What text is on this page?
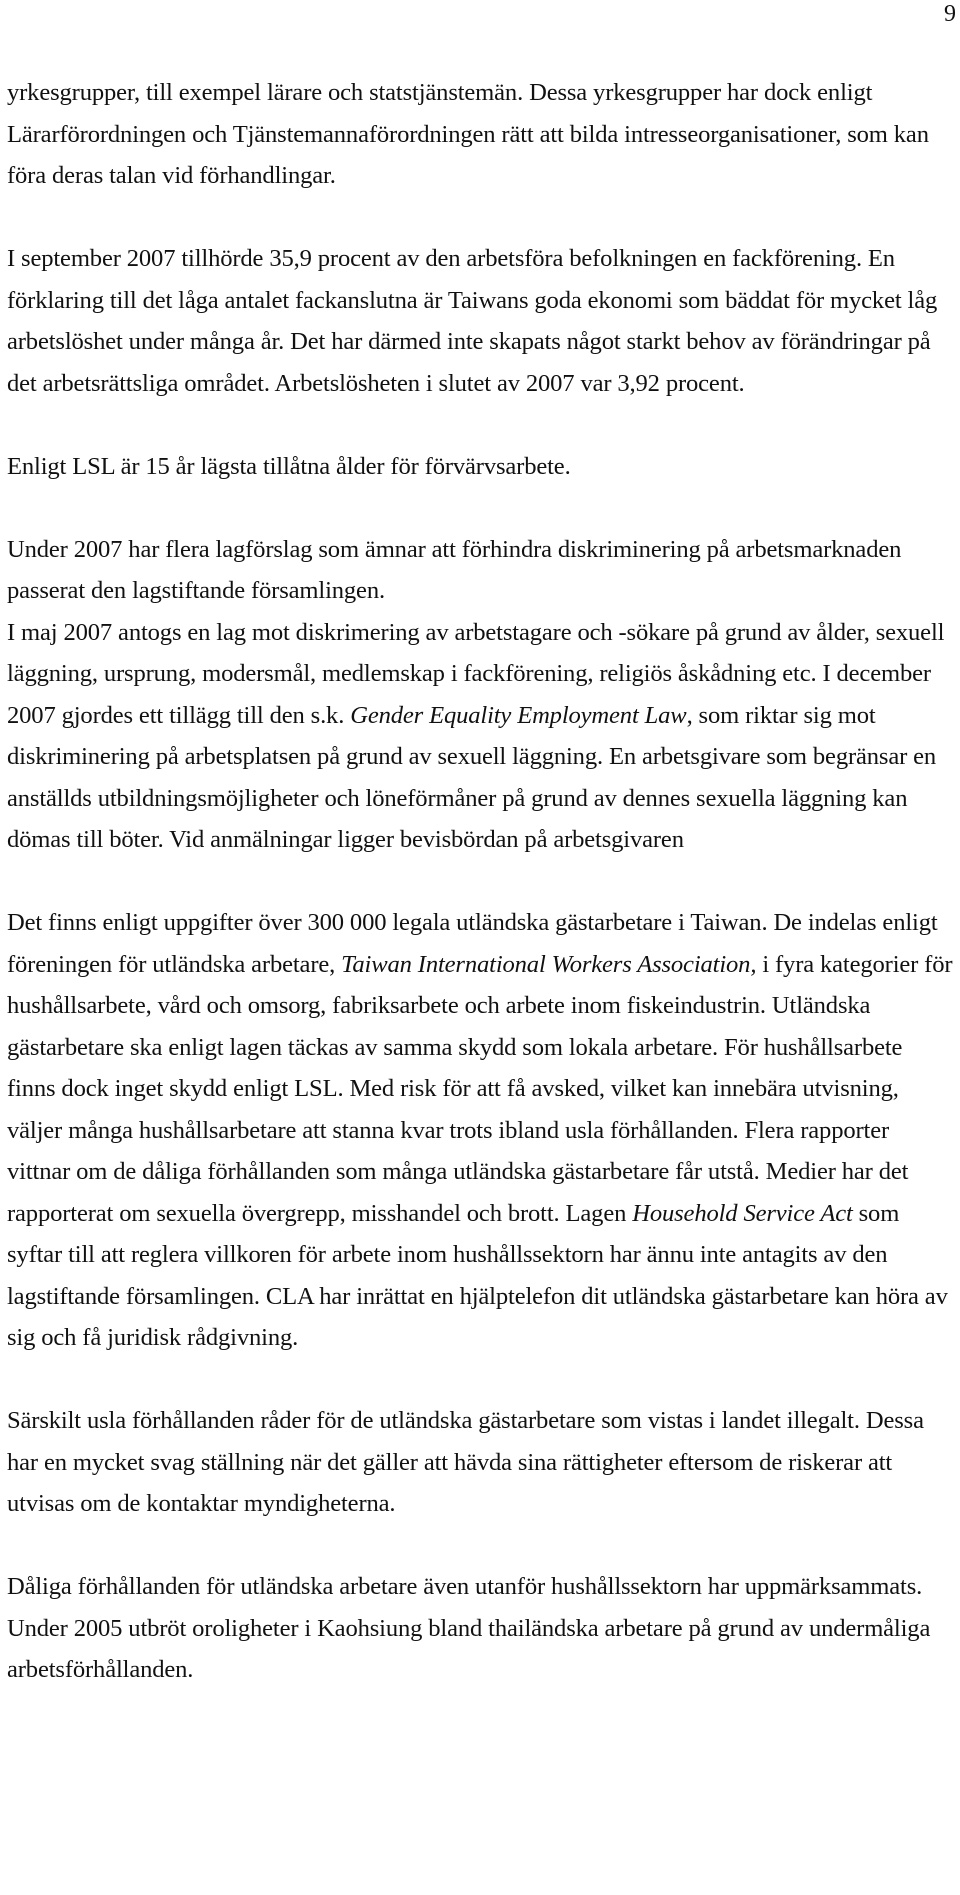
9

yrkesgrupper, till exempel lärare och statstjänstemän. Dessa yrkesgrupper har dock enligt Lärarförordningen och Tjänstemannaförordningen rätt att bilda intresseorganisationer, som kan föra deras talan vid förhandlingar.

I september 2007 tillhörde 35,9 procent av den arbetsföra befolkningen en fackförening. En förklaring till det låga antalet fackanslutna är Taiwans goda ekonomi som bäddat för mycket låg arbetslöshet under många år. Det har därmed inte skapats något starkt behov av förändringar på det arbetsrättsliga området. Arbetslösheten i slutet av 2007 var 3,92 procent.

Enligt LSL är 15 år lägsta tillåtna ålder för förvärvsarbete.

Under 2007 har flera lagförslag som ämnar att förhindra diskriminering på arbetsmarknaden passerat den lagstiftande församlingen.

I maj 2007 antogs en lag mot diskrimering av arbetstagare och -sökare på grund av ålder, sexuell läggning, ursprung, modersmål, medlemskap i fackförening, religiös åskådning etc. I december 2007 gjordes ett tillägg till den s.k. Gender Equality Employment Law, som riktar sig mot diskriminering på arbetsplatsen på grund av sexuell läggning. En arbetsgivare som begränsar en anställds utbildningsmöjligheter och löneförmåner på grund av dennes sexuella läggning kan dömas till böter. Vid anmälningar ligger bevisbördan på arbetsgivaren

Det finns enligt uppgifter över 300 000 legala utländska gästarbetare i Taiwan. De indelas enligt föreningen för utländska arbetare, Taiwan International Workers Association, i fyra kategorier för hushållsarbete, vård och omsorg, fabriksarbete och arbete inom fiskeindustrin. Utländska gästarbetare ska enligt lagen täckas av samma skydd som lokala arbetare. För hushållsarbete finns dock inget skydd enligt LSL. Med risk för att få avsked, vilket kan innebära utvisning, väljer många hushållsarbetare att stanna kvar trots ibland usla förhållanden. Flera rapporter vittnar om de dåliga förhållanden som många utländska gästarbetare får utstå. Medier har det rapporterat om sexuella övergrepp, misshandel och brott. Lagen Household Service Act som syftar till att reglera villkoren för arbete inom hushållssektorn har ännu inte antagits av den lagstiftande församlingen. CLA har inrättat en hjälptelefon dit utländska gästarbetare kan höra av sig och få juridisk rådgivning.

Särskilt usla förhållanden råder för de utländska gästarbetare som vistas i landet illegalt. Dessa har en mycket svag ställning när det gäller att hävda sina rättigheter eftersom de riskerar att utvisas om de kontaktar myndigheterna.

Dåliga förhållanden för utländska arbetare även utanför hushållssektorn har uppmärksammats. Under 2005 utbröt oroligheter i Kaohsiung bland thailändska arbetare på grund av undermåliga arbetsförhållanden.
